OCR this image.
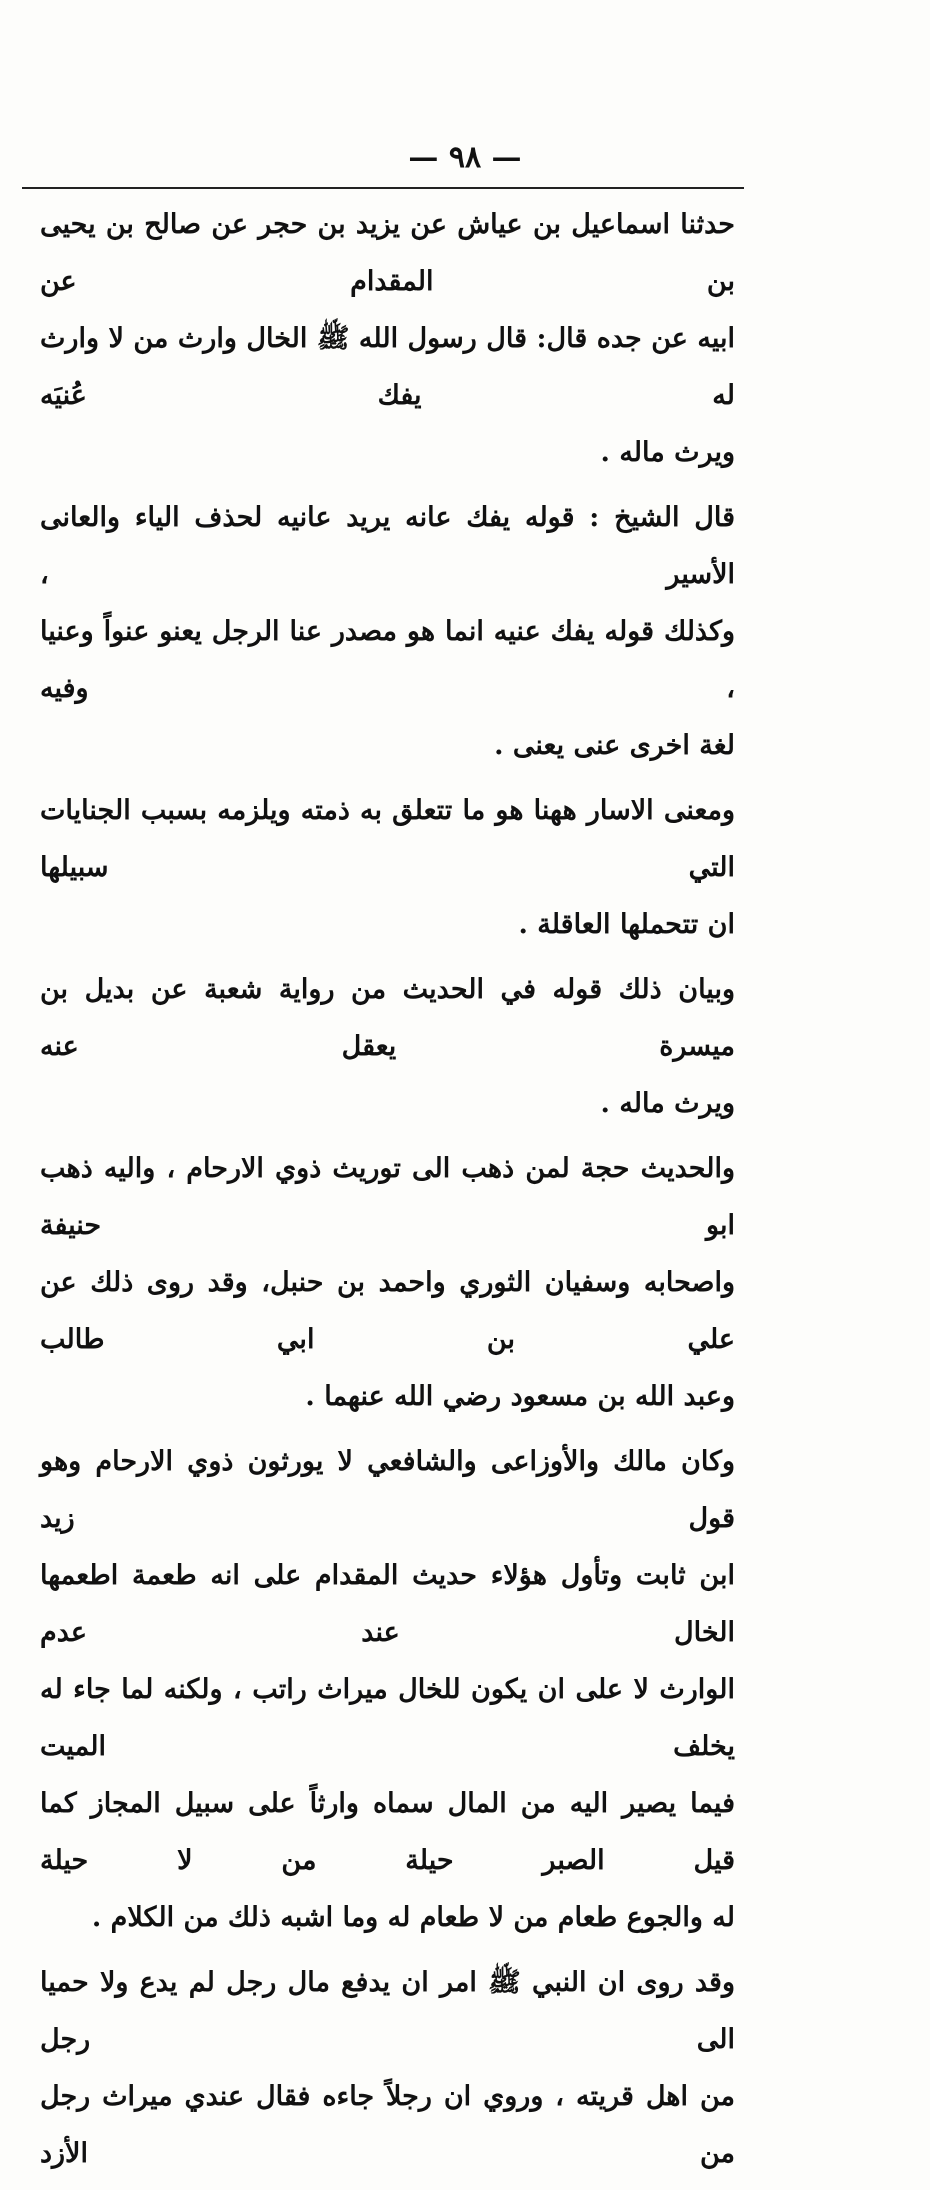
— ٩٨ —

حدثنا اسماعيل بن عياش عن يزيد بن حجر عن صالح بن يحيى بن المقدام عن
ابيه عن جده قال: قال رسول الله ﷺ الخال وارث من لا وارث له يفك عُنيَه
ويرث ماله .

قال الشيخ : قوله يفك عانه يريد عانيه لحذف الياء والعانى الأسير ،
وكذلك قوله يفك عنيه انما هو مصدر عنا الرجل يعنو عنواً وعنيا ، وفيه
لغة اخرى عنى يعنى .

ومعنى الاسار ههنا هو ما تتعلق به ذمته ويلزمه بسبب الجنايات التي سبيلها
ان تتحملها العاقلة .

وبيان ذلك قوله في الحديث من رواية شعبة عن بديل بن ميسرة يعقل عنه
ويرث ماله .

والحديث حجة لمن ذهب الى توريث ذوي الارحام ، واليه ذهب ابو حنيفة
واصحابه وسفيان الثوري واحمد بن حنبل، وقد روى ذلك عن علي بن ابي طالب
وعبد الله بن مسعود رضي الله عنهما .

وكان مالك والأوزاعى والشافعي لا يورثون ذوي الارحام وهو قول زيد
ابن ثابت وتأول هؤلاء حديث المقدام على انه طعمة اطعمها الخال عند عدم
الوارث لا على ان يكون للخال ميراث راتب ، ولكنه لما جاء له يخلف الميت
فيما يصير اليه من المال سماه وارثاً على سبيل المجاز كما قيل الصبر حيلة من لا حيلة
له والجوع طعام من لا طعام له وما اشبه ذلك من الكلام .

وقد روى ان النبي ﷺ امر ان يدفع مال رجل لم يدع ولا حميا الى رجل
من اهل قريته ، وروي ان رجلاً جاءه فقال عندي ميراث رجل من الأزد
